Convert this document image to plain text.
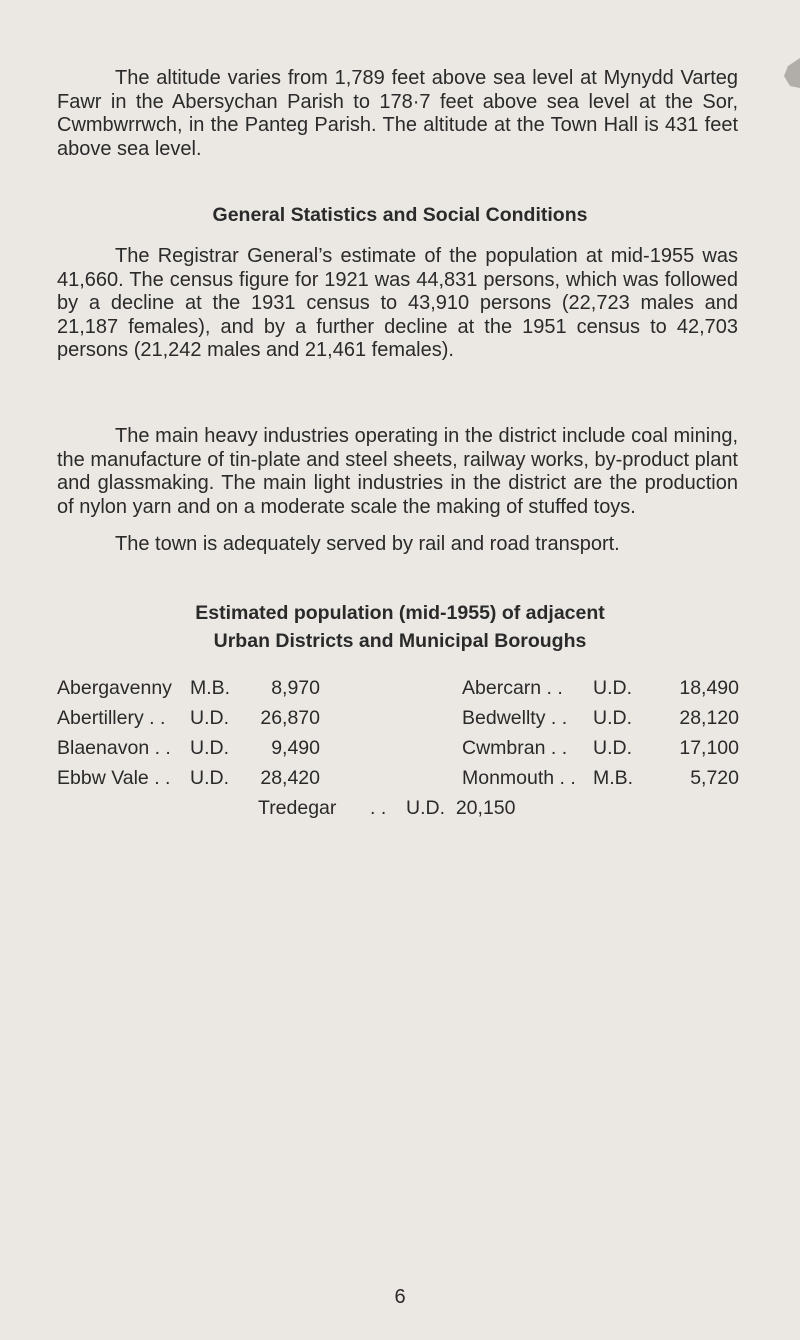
The altitude varies from 1,789 feet above sea level at Mynydd Varteg Fawr in the Abersychan Parish to 178·7 feet above sea level at the Sor, Cwmbwrrwch, in the Panteg Parish. The altitude at the Town Hall is 431 feet above sea level.

General Statistics and Social Conditions

The Registrar General’s estimate of the population at mid-1955 was 41,660. The census figure for 1921 was 44,831 persons, which was followed by a decline at the 1931 census to 43,910 persons (22,723 males and 21,187 females), and by a further decline at the 1951 census to 42,703 persons (21,242 males and 21,461 females).

The main heavy industries operating in the district include coal mining, the manufacture of tin-plate and steel sheets, railway works, by-product plant and glassmaking. The main light industries in the district are the production of nylon yarn and on a moderate scale the making of stuffed toys.

The town is adequately served by rail and road transport.

Estimated population (mid-1955) of adjacent
Urban Districts and Municipal Boroughs
Abergavenny M.B.	8,970	Abercarn . . U.D.	18,490
Abertillery . . U.D.	26,870	Bedwellty . . U.D.	28,120
Blaenavon . . U.D.	9,490	Cwmbran . . U.D.	17,100
Ebbw Vale . . U.D.	28,420	Monmouth . . M.B.	5,720
Tredegar . . U.D.  20,150
6
